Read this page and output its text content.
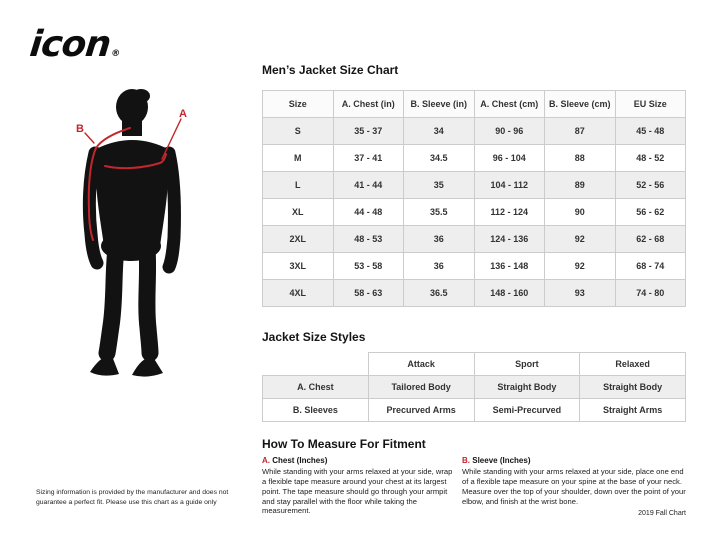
icon®
A
B
Men’s Jacket Size Chart
Size	A. Chest (in)	B. Sleeve (in)	A. Chest (cm)	B. Sleeve (cm)	EU Size
S	35 - 37	34	90 - 96	87	45 - 48
M	37 - 41	34.5	96 - 104	88	48 - 52
L	41 - 44	35	104 - 112	89	52 - 56
XL	44 - 48	35.5	112 - 124	90	56 - 62
2XL	48 - 53	36	124 - 136	92	62 - 68
3XL	53 - 58	36	136 - 148	92	68 - 74
4XL	58 - 63	36.5	148 - 160	93	74 - 80
Jacket Size Styles
	Attack	Sport	Relaxed
A. Chest	Tailored Body	Straight Body	Straight Body
B. Sleeves	Precurved Arms	Semi-Precurved	Straight Arms
How To Measure For Fitment
A. Chest (Inches)

While standing with your arms relaxed at your side, wrap a flexible tape measure around your chest at its largest point. The tape measure should go through your armpit and stay parallel with the floor while taking the measurement.

B. Sleeve (Inches)

While standing with your arms relaxed at your side, place one end of a flexible tape measure on your spine at the base of your neck. Measure over the top of your shoulder, down over the point of your elbow, and finish at the wrist bone.

Sizing information is provided by the manufacturer and does not guarantee a perfect fit. Please use this chart as a guide only
2019 Fall Chart
